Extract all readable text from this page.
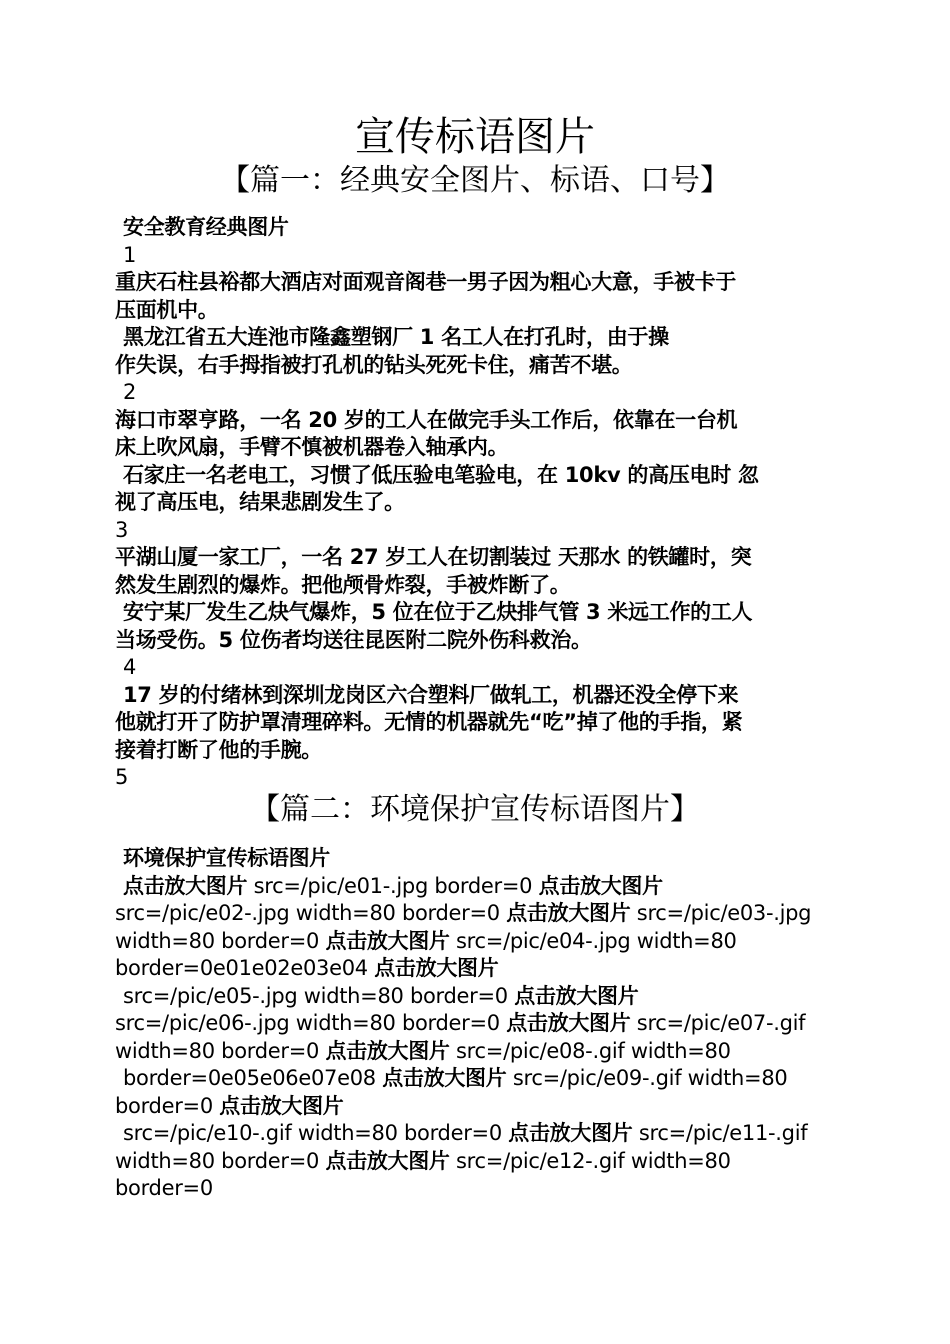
宣传标语图片
【篇一：经典安全图片、标语、口号】
安全教育经典图片
1
重庆石柱县裕都大酒店对面观音阁巷一男子因为粗心大意，手被卡于
压面机中。
黑龙江省五大连池市隆鑫塑钢厂 1 名工人在打孔时，由于操
作失误，右手拇指被打孔机的钻头死死卡住，痛苦不堪。
2
海口市翠亨路，一名 20 岁的工人在做完手头工作后，依靠在一台机
床上吹风扇，手臂不慎被机器卷入轴承内。
石家庄一名老电工，习惯了低压验电笔验电，在 10kv 的高压电时 忽
视了高压电，结果悲剧发生了。
3
平湖山厦一家工厂，一名 27 岁工人在切割装过 天那水 的铁罐时，突
然发生剧烈的爆炸。把他颅骨炸裂，手被炸断了。
安宁某厂发生乙炔气爆炸，5 位在位于乙炔排气管 3 米远工作的工人
当场受伤。5 位伤者均送往昆医附二院外伤科救治。
4
17 岁的付绪林到深圳龙岗区六合塑料厂做轧工，机器还没全停下来
他就打开了防护罩清理碎料。无情的机器就先“吃”掉了他的手指，紧
接着打断了他的手腕。
5
【篇二：环境保护宣传标语图片】
环境保护宣传标语图片
点击放大图片 src=/pic/e01-.jpg border=0 点击放大图片
src=/pic/e02-.jpg width=80 border=0 点击放大图片 src=/pic/e03-.jpg
width=80 border=0 点击放大图片 src=/pic/e04-.jpg width=80
border=0e01e02e03e04 点击放大图片
src=/pic/e05-.jpg width=80 border=0 点击放大图片
src=/pic/e06-.jpg width=80 border=0 点击放大图片 src=/pic/e07-.gif
width=80 border=0 点击放大图片 src=/pic/e08-.gif width=80
border=0e05e06e07e08 点击放大图片 src=/pic/e09-.gif width=80
border=0 点击放大图片
src=/pic/e10-.gif width=80 border=0 点击放大图片 src=/pic/e11-.gif
width=80 border=0 点击放大图片 src=/pic/e12-.gif width=80
border=0
